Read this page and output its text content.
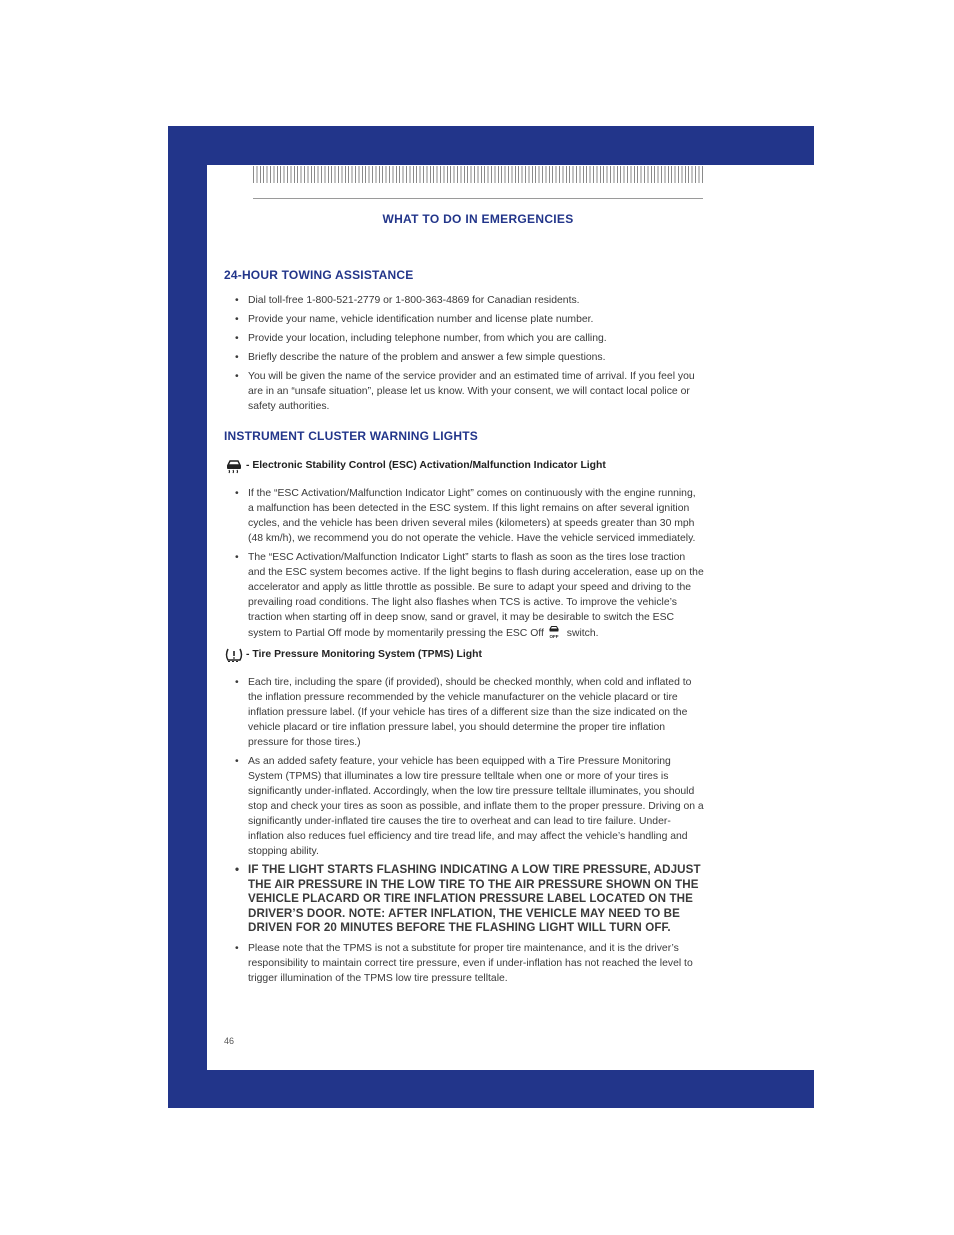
WHAT TO DO IN EMERGENCIES
24-HOUR TOWING ASSISTANCE
• Dial toll-free 1-800-521-2779 or 1-800-363-4869 for Canadian residents.
• Provide your name, vehicle identification number and license plate number.
• Provide your location, including telephone number, from which you are calling.
• Briefly describe the nature of the problem and answer a few simple questions.
• You will be given the name of the service provider and an estimated time of arrival. If you feel you are in an “unsafe situation”, please let us know. With your consent, we will contact local police or safety authorities.
INSTRUMENT CLUSTER WARNING LIGHTS
- Electronic Stability Control (ESC) Activation/Malfunction Indicator Light
• If the “ESC Activation/Malfunction Indicator Light” comes on continuously with the engine running, a malfunction has been detected in the ESC system. If this light remains on after several ignition cycles, and the vehicle has been driven several miles (kilometers) at speeds greater than 30 mph (48 km/h), we recommend you do not operate the vehicle. Have the vehicle serviced immediately.
• The “ESC Activation/Malfunction Indicator Light” starts to flash as soon as the tires lose traction and the ESC system becomes active. If the light begins to flash during acceleration, ease up on the accelerator and apply as little throttle as possible. Be sure to adapt your speed and driving to the prevailing road conditions. The light also flashes when TCS is active. To improve the vehicle’s traction when starting off in deep snow, sand or gravel, it may be desirable to switch the ESC system to Partial Off mode by momentarily pressing the ESC Off OFF switch.
- Tire Pressure Monitoring System (TPMS) Light
• Each tire, including the spare (if provided), should be checked monthly, when cold and inflated to the inflation pressure recommended by the vehicle manufacturer on the vehicle placard or tire inflation pressure label. (If your vehicle has tires of a different size than the size indicated on the vehicle placard or tire inflation pressure label, you should determine the proper tire inflation pressure for those tires.)
• As an added safety feature, your vehicle has been equipped with a Tire Pressure Monitoring System (TPMS) that illuminates a low tire pressure telltale when one or more of your tires is significantly under-inflated. Accordingly, when the low tire pressure telltale illuminates, you should stop and check your tires as soon as possible, and inflate them to the proper pressure. Driving on a significantly under-inflated tire causes the tire to overheat and can lead to tire failure. Under-inflation also reduces fuel efficiency and tire tread life, and may affect the vehicle’s handling and stopping ability.
• IF THE LIGHT STARTS FLASHING INDICATING A LOW TIRE PRESSURE, ADJUST THE AIR PRESSURE IN THE LOW TIRE TO THE AIR PRESSURE SHOWN ON THE VEHICLE PLACARD OR TIRE INFLATION PRESSURE LABEL LOCATED ON THE DRIVER’S DOOR. NOTE: AFTER INFLATION, THE VEHICLE MAY NEED TO BE DRIVEN FOR 20 MINUTES BEFORE THE FLASHING LIGHT WILL TURN OFF.
• Please note that the TPMS is not a substitute for proper tire maintenance, and it is the driver’s responsibility to maintain correct tire pressure, even if under-inflation has not reached the level to trigger illumination of the TPMS low tire pressure telltale.
46
